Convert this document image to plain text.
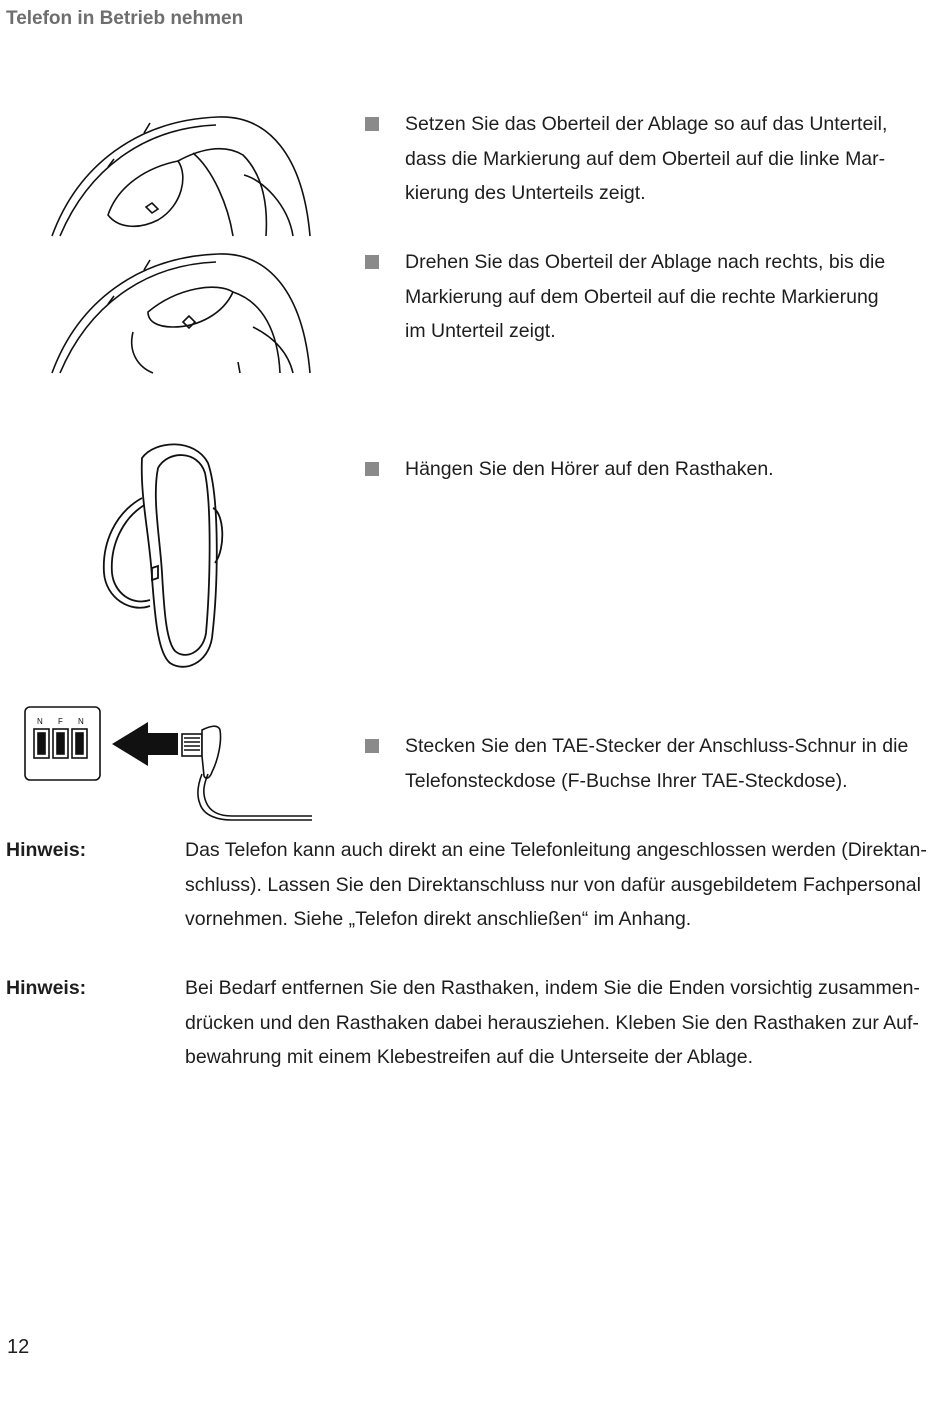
Telefon in Betrieb nehmen
Setzen Sie das Oberteil der Ablage so auf das Unterteil,
dass die Markierung auf dem Oberteil auf die linke Mar-
kierung des Unterteils zeigt.
Drehen Sie das Oberteil der Ablage nach rechts, bis die
Markierung auf dem Oberteil auf die rechte Markierung
im Unterteil zeigt.
Hängen Sie den Hörer auf den Rasthaken.
N F N
Stecken Sie den TAE-Stecker der Anschluss-Schnur in die
Telefonsteckdose (F-Buchse Ihrer TAE-Steckdose).
Hinweis:	Das Telefon kann auch direkt an eine Telefonleitung angeschlossen werden (Direktan-
schluss). Lassen Sie den Direktanschluss nur von dafür ausgebildetem Fachpersonal
vornehmen. Siehe „Telefon direkt anschließen“ im Anhang.
Hinweis:	Bei Bedarf entfernen Sie den Rasthaken, indem Sie die Enden vorsichtig zusammen-
drücken und den Rasthaken dabei herausziehen. Kleben Sie den Rasthaken zur Auf-
bewahrung mit einem Klebestreifen auf die Unterseite der Ablage.
12
